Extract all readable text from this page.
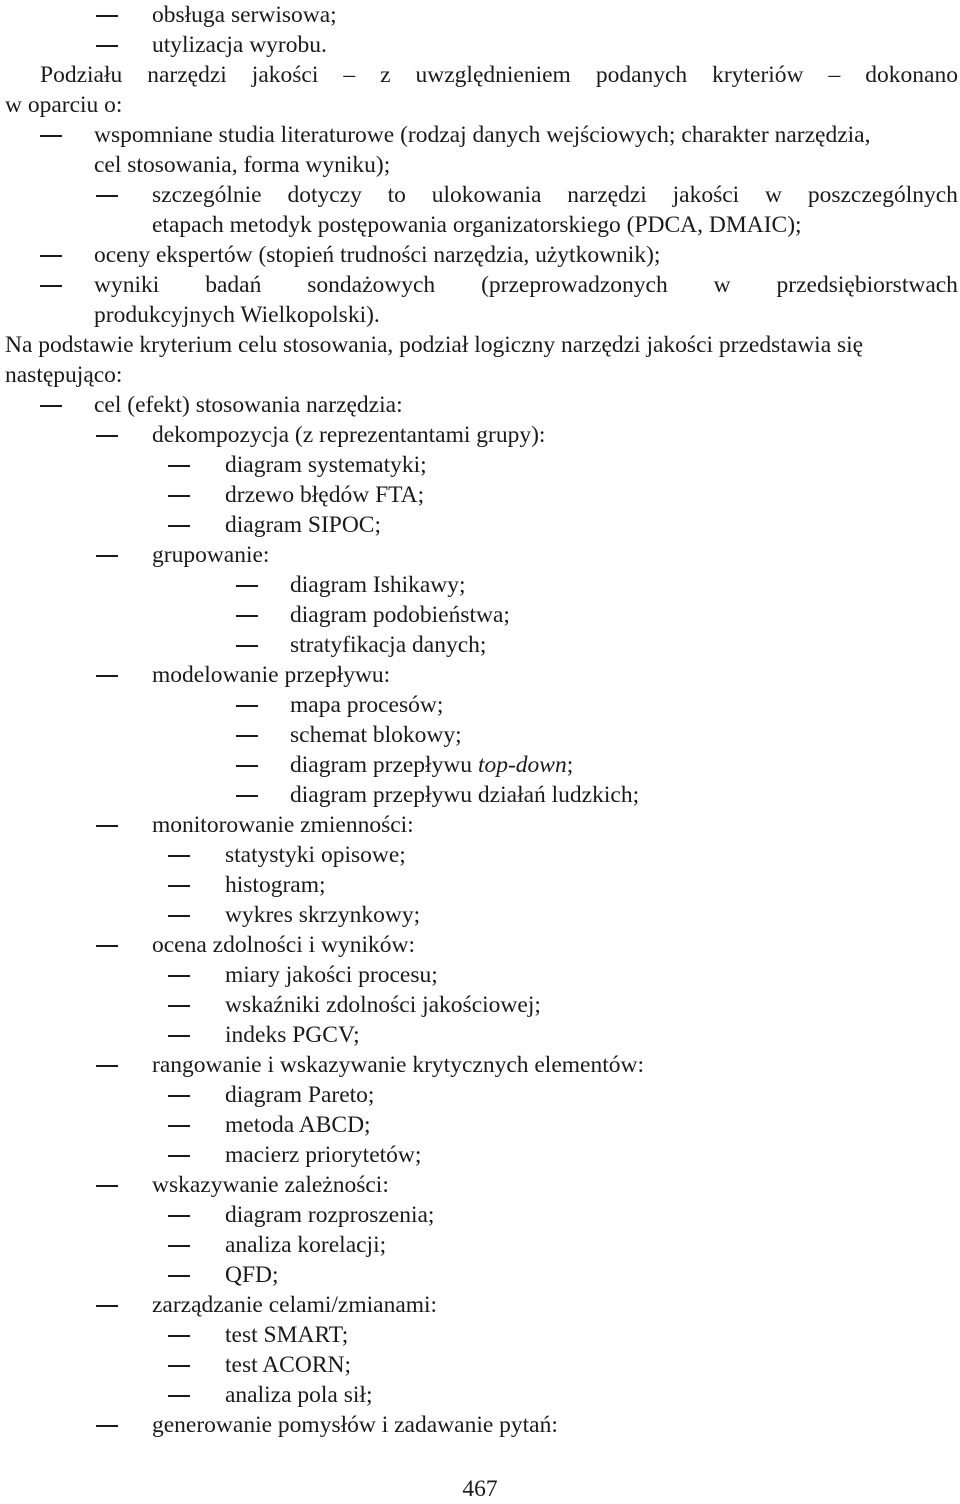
obsługa serwisowa;
utylizacja wyrobu.
Podziału narzędzi jakości – z uwzględnieniem podanych kryteriów – dokonano
w oparciu o:
wspomniane studia literaturowe (rodzaj danych wejściowych; charakter narzędzia,
cel stosowania, forma wyniku);
szczególnie dotyczy to ulokowania narzędzi jakości w poszczególnych
etapach metodyk postępowania organizatorskiego (PDCA, DMAIC);
oceny ekspertów (stopień trudności narzędzia, użytkownik);
wyniki badań sondażowych (przeprowadzonych w przedsiębiorstwach
produkcyjnych Wielkopolski).
Na podstawie kryterium celu stosowania, podział logiczny narzędzi jakości przedstawia się
następująco:
cel (efekt) stosowania narzędzia:
dekompozycja (z reprezentantami grupy):
diagram systematyki;
drzewo błędów FTA;
diagram SIPOC;
grupowanie:
diagram Ishikawy;
diagram podobieństwa;
stratyfikacja danych;
modelowanie przepływu:
mapa procesów;
schemat blokowy;
diagram przepływu top-down;
diagram przepływu działań ludzkich;
monitorowanie zmienności:
statystyki opisowe;
histogram;
wykres skrzynkowy;
ocena zdolności i wyników:
miary jakości procesu;
wskaźniki zdolności jakościowej;
indeks PGCV;
rangowanie i wskazywanie krytycznych elementów:
diagram Pareto;
metoda ABCD;
macierz priorytetów;
wskazywanie zależności:
diagram rozproszenia;
analiza korelacji;
QFD;
zarządzanie celami/zmianami:
test SMART;
test ACORN;
analiza pola sił;
generowanie pomysłów i zadawanie pytań:
467
